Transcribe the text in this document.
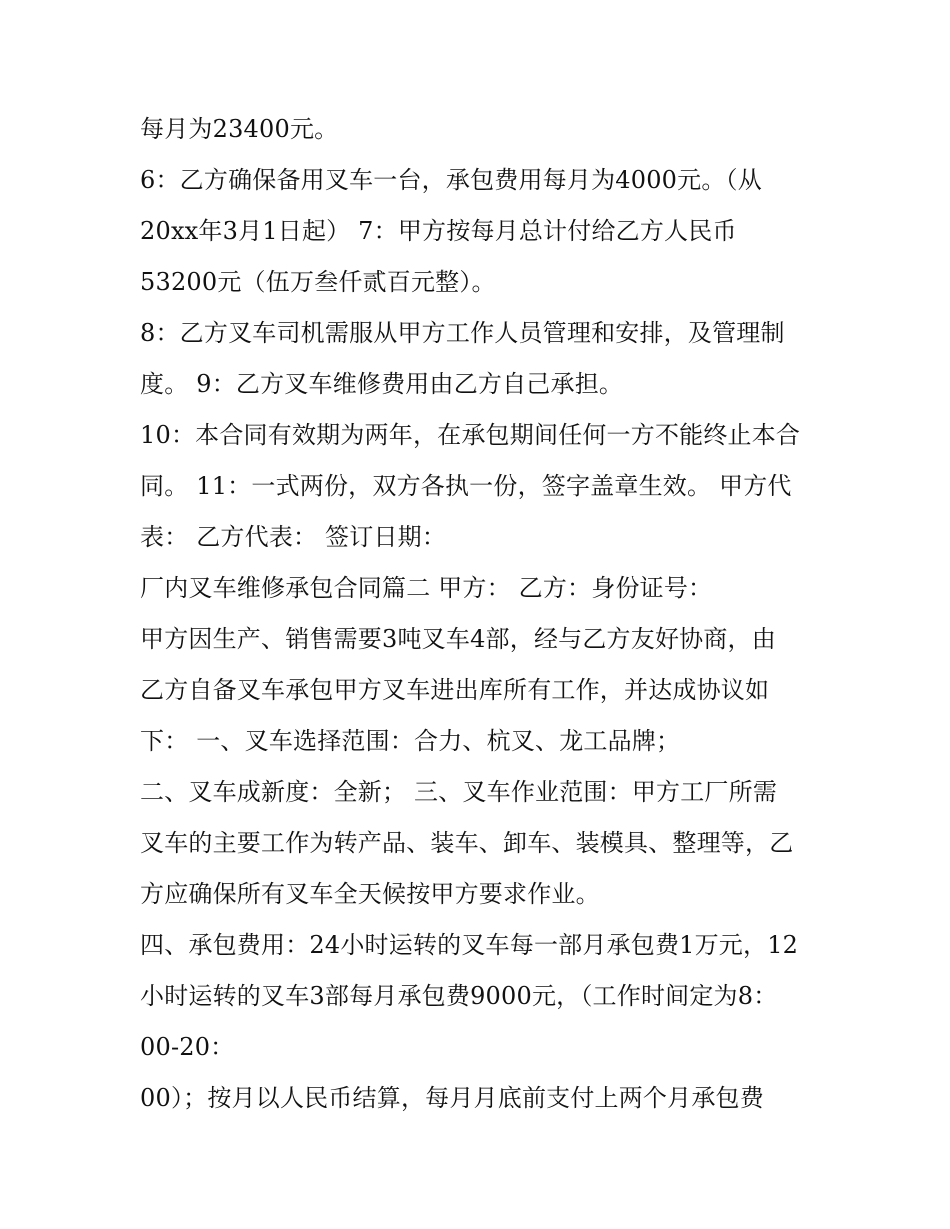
每月为23400元。
6：乙方确保备用叉车一台，承包费用每月为4000元。（从
20xx年3月1日起） 7：甲方按每月总计付给乙方人民币
53200元（伍万叁仟贰百元整）。
8：乙方叉车司机需服从甲方工作人员管理和安排，及管理制
度。 9：乙方叉车维修费用由乙方自己承担。
10：本合同有效期为两年，在承包期间任何一方不能终止本合
同。 11：一式两份，双方各执一份，签字盖章生效。 甲方代
表： 乙方代表： 签订日期：
厂内叉车维修承包合同篇二 甲方： 乙方：身份证号：
甲方因生产、销售需要3吨叉车4部，经与乙方友好协商，由
乙方自备叉车承包甲方叉车进出库所有工作，并达成协议如
下： 一、叉车选择范围：合力、杭叉、龙工品牌；
二、叉车成新度：全新； 三、叉车作业范围：甲方工厂所需
叉车的主要工作为转产品、装车、卸车、装模具、整理等，乙
方应确保所有叉车全天候按甲方要求作业。
四、承包费用：24小时运转的叉车每一部月承包费1万元，12
小时运转的叉车3部每月承包费9000元，（工作时间定为8：
00-20：
00）；按月以人民币结算，每月月底前支付上两个月承包费
